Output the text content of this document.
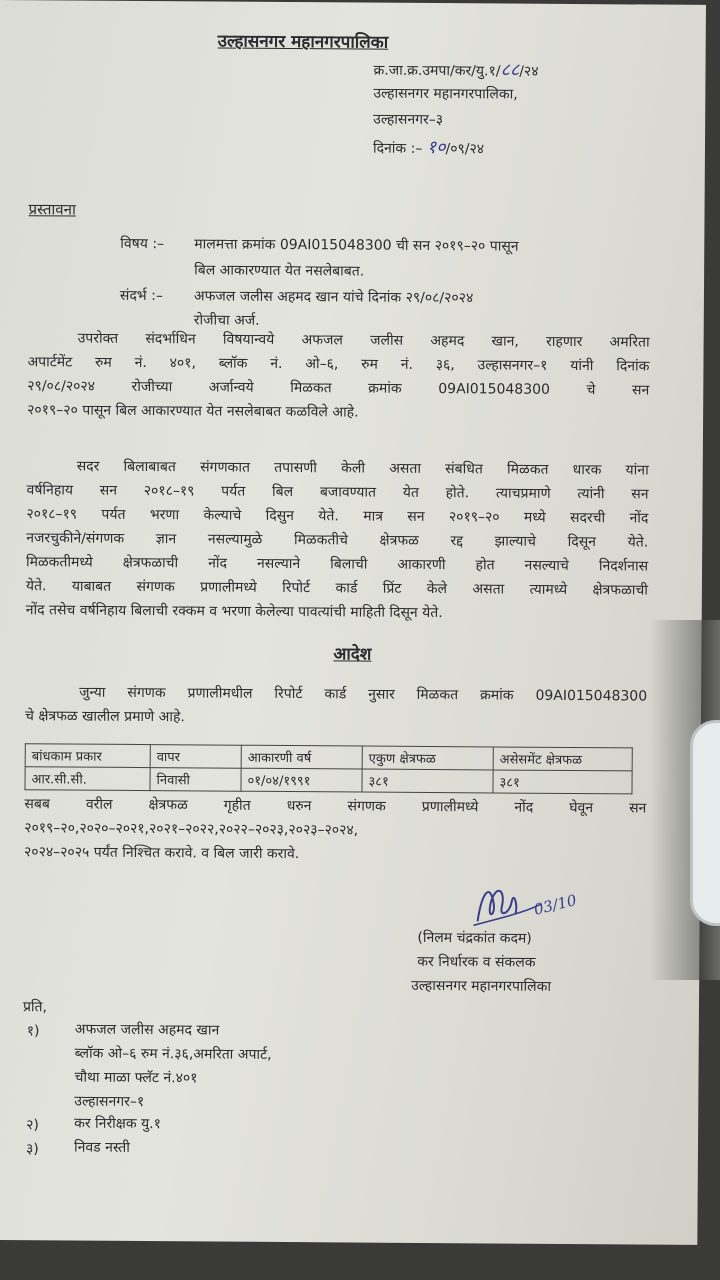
उल्हासनगर महानगरपालिका
क्र.जा.क्र.उमपा/कर/यु.१/८८/२४
उल्हासनगर महानगरपालिका,
उल्हासनगर–३
दिनांक :– १०/०९/२४
प्रस्तावना
विषय :– मालमत्ता क्रमांक 09AI015048300 ची सन २०१९–२० पासून
बिल आकारण्यात येत नसलेबाबत.
संदर्भ :– अफजल जलीस अहमद खान यांचे दिनांक २९/०८/२०२४
रोजीचा अर्ज.
उपरोक्त संदर्भाधिन विषयान्वये अफजल जलीस अहमद खान, राहणार अमरिता
अपार्टमेंट रुम नं. ४०१, ब्लॉक नं. ओ–६, रुम नं. ३६, उल्हासनगर–१ यांनी दिनांक
२९/०८/२०२४ रोजीच्या अर्जान्वये मिळकत क्रमांक 09AI015048300 चे सन
२०१९–२० पासून बिल आकारण्यात येत नसलेबाबत कळविले आहे.
सदर बिलाबाबत संगणकात तपासणी केली असता संबधित मिळकत धारक यांना
वर्षनिहाय सन २०१८–१९ पर्यत बिल बजावण्यात येत होते. त्याचप्रमाणे त्यांनी सन
२०१८–१९ पर्यत भरणा केल्याचे दिसुन येते. मात्र सन २०१९–२० मध्ये सदरची नोंद
नजरचुकीने/संगणक ज्ञान नसल्यामुळे मिळकतीचे क्षेत्रफळ रद्द झाल्याचे दिसून येते.
मिळकतीमध्ये क्षेत्रफळाची नोंद नसल्याने बिलाची आकारणी होत नसल्याचे निदर्शनास
येते. याबाबत संगणक प्रणालीमध्ये रिपोर्ट कार्ड प्रिंट केले असता त्यामध्ये क्षेत्रफळाची
नोंद तसेच वर्षनिहाय बिलाची रक्कम व भरणा केलेल्या पावत्यांची माहिती दिसून येते.
आदेश
जुन्या संगणक प्रणालीमधील रिपोर्ट कार्ड नुसार मिळकत क्रमांक 09AI015048300
चे क्षेत्रफळ खालील प्रमाणे आहे.
बांधकाम प्रकार	वापर	आकारणी वर्ष	एकुण क्षेत्रफळ	असेसमेंट क्षेत्रफळ
आर.सी.सी.	निवासी	०१/०४/१९९१	३८१	३८१
सबब वरील क्षेत्रफळ गृहीत धरुन संगणक प्रणालीमध्ये नोंद घेवून सन
२०१९–२०,२०२०–२०२१,२०२१–२०२२,२०२२–२०२३,२०२३–२०२४,
२०२४–२०२५ पर्यंत निश्चित करावे. व बिल जारी करावे.
03/10
(निलम चंद्रकांत कदम)
कर निर्धारक व संकलक
उल्हासनगर महानगरपालिका
प्रति,
१)	अफजल जलीस अहमद खान
ब्लॉक ओ–६ रुम नं.३६,अमरिता अपार्ट,
चौथा माळा फ्लॅट नं.४०१
उल्हासनगर–१
२)	कर निरीक्षक यु.१
३)	निवड नस्ती
